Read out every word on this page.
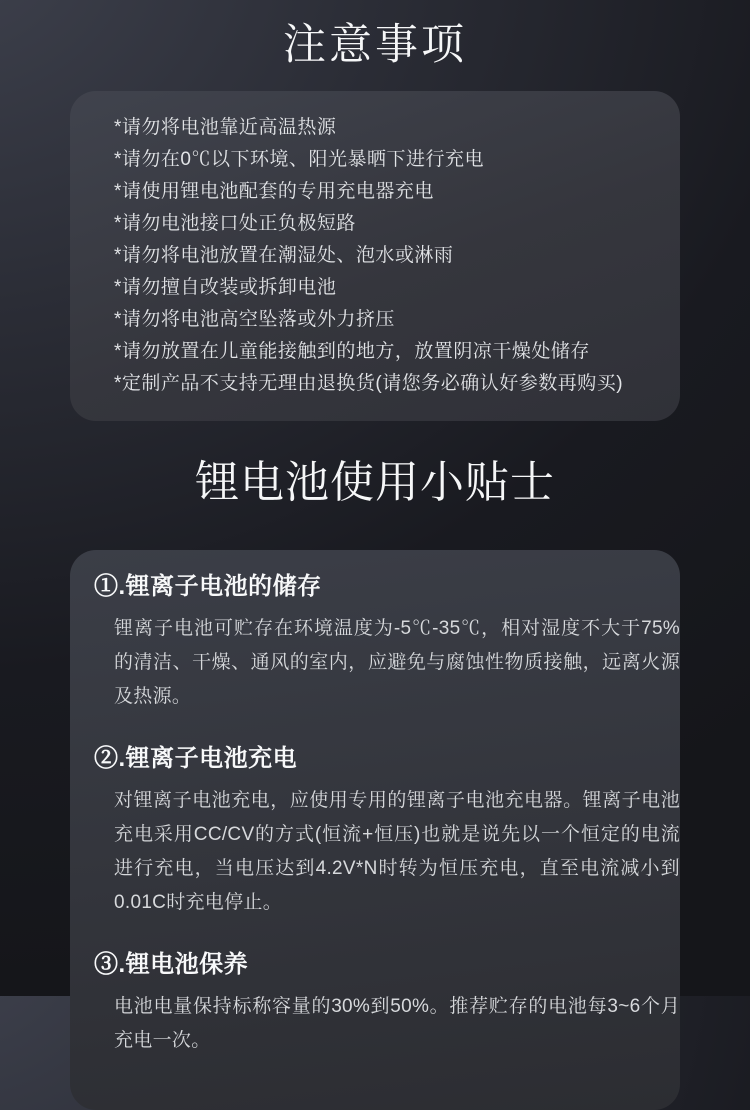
注意事项

*请勿将电池靠近高温热源

*请勿在0℃以下环境、阳光暴晒下进行充电

*请使用锂电池配套的专用充电器充电

*请勿电池接口处正负极短路

*请勿将电池放置在潮湿处、泡水或淋雨

*请勿擅自改装或拆卸电池

*请勿将电池高空坠落或外力挤压

*请勿放置在儿童能接触到的地方，放置阴凉干燥处储存

*定制产品不支持无理由退换货(请您务必确认好参数再购买)

锂电池使用小贴士
①.锂离子电池的储存

锂离子电池可贮存在环境温度为-5℃-35℃，相对湿度不大于75%的清洁、干燥、通风的室内，应避免与腐蚀性物质接触，远离火源及热源。

②.锂离子电池充电

对锂离子电池充电，应使用专用的锂离子电池充电器。锂离子电池充电采用CC/CV的方式(恒流+恒压)也就是说先以一个恒定的电流进行充电，当电压达到4.2V*N时转为恒压充电，直至电流减小到0.01C时充电停止。

③.锂电池保养

电池电量保持标称容量的30%到50%。推荐贮存的电池每3~6个月充电一次。
